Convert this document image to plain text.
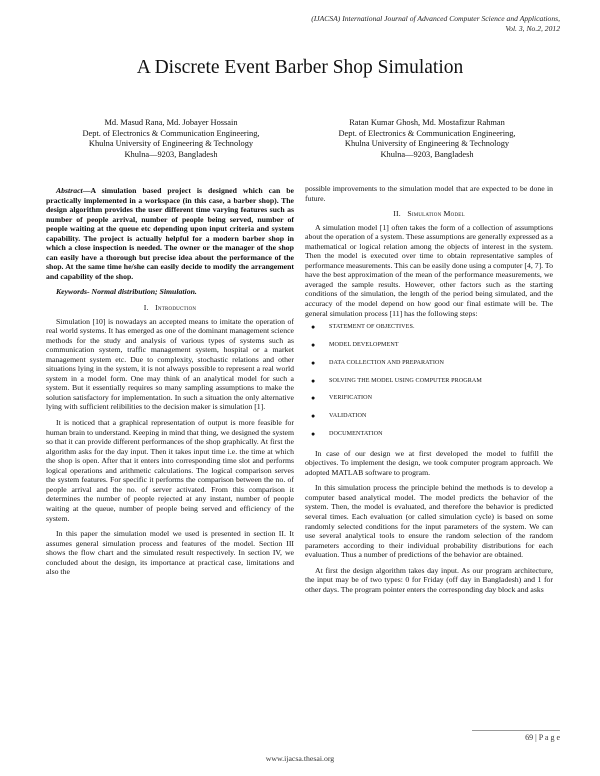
(IJACSA) International Journal of Advanced Computer Science and Applications,
Vol. 3, No.2, 2012
A Discrete Event Barber Shop Simulation
Md. Masud Rana, Md. Jobayer Hossain
Dept. of Electronics & Communication Engineering,
Khulna University of Engineering & Technology
Khulna—9203, Bangladesh
Ratan Kumar Ghosh, Md. Mostafizur Rahman
Dept. of Electronics & Communication Engineering,
Khulna University of Engineering & Technology
Khulna—9203, Bangladesh

Abstract—A simulation based project is designed which can be practically implemented in a workspace (in this case, a barber shop). The design algorithm provides the user different time varying features such as number of people arrival, number of people being served, number of people waiting at the queue etc depending upon input criteria and system capability. The project is actually helpful for a modern barber shop in which a close inspection is needed. The owner or the manager of the shop can easily have a thorough but precise idea about the performance of the shop. At the same time he/she can easily decide to modify the arrangement and capability of the shop.

Keywords- Normal distribution; Simulation.

I. Introduction

Simulation [10] is nowadays an accepted means to imitate the operation of real world systems. It has emerged as one of the dominant management science methods for the study and analysis of various types of systems such as communication system, traffic management system, hospital or a market management system etc. Due to complexity, stochastic relations and other situations lying in the system, it is not always possible to represent a real world system in a model form. One may think of an analytical model for such a system. But it essentially requires so many sampling assumptions to make the solution satisfactory for implementation. In such a situation the only alternative lying with sufficient relibilities to the decision maker is simulation [1].

It is noticed that a graphical representation of output is more feasible for human brain to understand. Keeping in mind that thing, we designed the system so that it can provide different performances of the shop graphically. At first the algorithm asks for the day input. Then it takes input time i.e. the time at which the shop is open. After that it enters into corresponding time slot and performs logical operations and arithmetic calculations. The logical comparison serves the system features. For specific it performs the comparison between the no. of people arrival and the no. of server activated. From this comparison it determines the number of people rejected at any instant, number of people waiting at the queue, number of people being served and efficiency of the system.

In this paper the simulation model we used is presented in section II. It assumes general simulation process and features of the model. Section III shows the flow chart and the simulated result respectively. In section IV, we concluded about the design, its importance at practical case, limitations and also the

possible improvements to the simulation model that are expected to be done in future.

II. Simulation Model

A simulation model [1] often takes the form of a collection of assumptions about the operation of a system. These assumptions are generally expressed as a mathematical or logical relation among the objects of interest in the system. Then the model is executed over time to obtain representative samples of performance measurements. This can be easily done using a computer [4, 7]. To have the best approximation of the mean of the performance measurements, we averaged the sample results. However, other factors such as the starting conditions of the simulation, the length of the period being simulated, and the accuracy of the model depend on how good our final estimate will be. The general simulation process [11] has the following steps:

● STATEMENT OF OBJECTIVES.
● MODEL DEVELOPMENT
● DATA COLLECTION AND PREPARATION
● SOLVING THE MODEL USING COMPUTER PROGRAM
● VERIFICATION
● VALIDATION
● DOCUMENTATION

In case of our design we at first developed the model to fulfill the objectives. To implement the design, we took computer program approach. We adopted MATLAB software to program.

In this simulation process the principle behind the methods is to develop a computer based analytical model. The model predicts the behavior of the system. Then, the model is evaluated, and therefore the behavior is predicted several times. Each evaluation (or called simulation cycle) is based on some randomly selected conditions for the input parameters of the system. We can use several analytical tools to ensure the random selection of the random parameters according to their individual probability distributions for each evaluation. Thus a number of predictions of the behavior are obtained.

At first the design algorithm takes day input. As our program architecture, the input may be of two types: 0 for Friday (off day in Bangladesh) and 1 for other days. The program pointer enters the corresponding day block and asks

69 | P a g e
www.ijacsa.thesai.org
